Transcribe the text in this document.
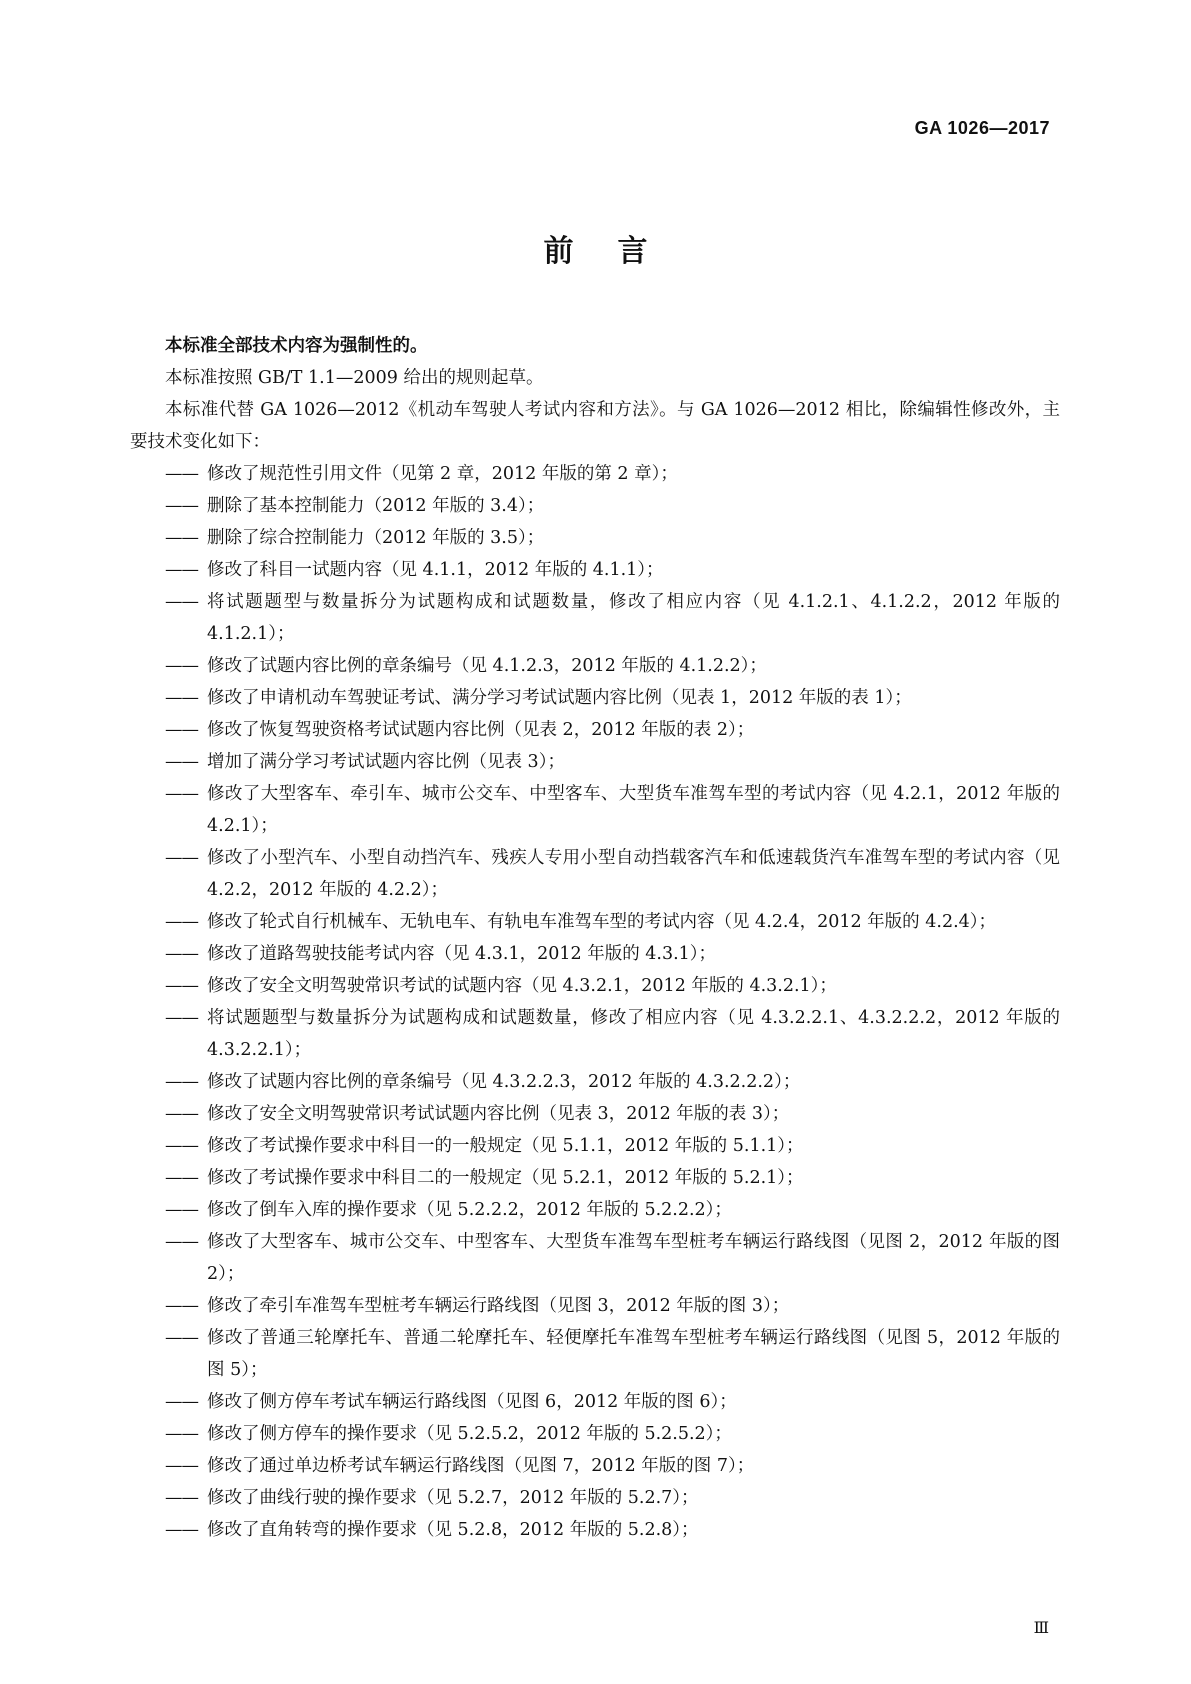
GA 1026—2017
前言

本标准全部技术内容为强制性的。

本标准按照 GB/T 1.1—2009 给出的规则起草。

本标准代替 GA 1026—2012《机动车驾驶人考试内容和方法》。与 GA 1026—2012 相比，除编辑性修改外，主要技术变化如下：

—— 修改了规范性引用文件（见第 2 章，2012 年版的第 2 章）；
—— 删除了基本控制能力（2012 年版的 3.4）；
—— 删除了综合控制能力（2012 年版的 3.5）；
—— 修改了科目一试题内容（见 4.1.1，2012 年版的 4.1.1）；
—— 将试题题型与数量拆分为试题构成和试题数量，修改了相应内容（见 4.1.2.1、4.1.2.2，2012 年版的 4.1.2.1）；
—— 修改了试题内容比例的章条编号（见 4.1.2.3，2012 年版的 4.1.2.2）；
—— 修改了申请机动车驾驶证考试、满分学习考试试题内容比例（见表 1，2012 年版的表 1）；
—— 修改了恢复驾驶资格考试试题内容比例（见表 2，2012 年版的表 2）；
—— 增加了满分学习考试试题内容比例（见表 3）；
—— 修改了大型客车、牵引车、城市公交车、中型客车、大型货车准驾车型的考试内容（见 4.2.1，2012 年版的 4.2.1）；
—— 修改了小型汽车、小型自动挡汽车、残疾人专用小型自动挡载客汽车和低速载货汽车准驾车型的考试内容（见 4.2.2，2012 年版的 4.2.2）；
—— 修改了轮式自行机械车、无轨电车、有轨电车准驾车型的考试内容（见 4.2.4，2012 年版的 4.2.4）；
—— 修改了道路驾驶技能考试内容（见 4.3.1，2012 年版的 4.3.1）；
—— 修改了安全文明驾驶常识考试的试题内容（见 4.3.2.1，2012 年版的 4.3.2.1）；
—— 将试题题型与数量拆分为试题构成和试题数量，修改了相应内容（见 4.3.2.2.1、4.3.2.2.2，2012 年版的 4.3.2.2.1）；
—— 修改了试题内容比例的章条编号（见 4.3.2.2.3，2012 年版的 4.3.2.2.2）；
—— 修改了安全文明驾驶常识考试试题内容比例（见表 3，2012 年版的表 3）；
—— 修改了考试操作要求中科目一的一般规定（见 5.1.1，2012 年版的 5.1.1）；
—— 修改了考试操作要求中科目二的一般规定（见 5.2.1，2012 年版的 5.2.1）；
—— 修改了倒车入库的操作要求（见 5.2.2.2，2012 年版的 5.2.2.2）；
—— 修改了大型客车、城市公交车、中型客车、大型货车准驾车型桩考车辆运行路线图（见图 2，2012 年版的图 2）；
—— 修改了牵引车准驾车型桩考车辆运行路线图（见图 3，2012 年版的图 3）；
—— 修改了普通三轮摩托车、普通二轮摩托车、轻便摩托车准驾车型桩考车辆运行路线图（见图 5，2012 年版的图 5）；
—— 修改了侧方停车考试车辆运行路线图（见图 6，2012 年版的图 6）；
—— 修改了侧方停车的操作要求（见 5.2.5.2，2012 年版的 5.2.5.2）；
—— 修改了通过单边桥考试车辆运行路线图（见图 7，2012 年版的图 7）；
—— 修改了曲线行驶的操作要求（见 5.2.7，2012 年版的 5.2.7）；
—— 修改了直角转弯的操作要求（见 5.2.8，2012 年版的 5.2.8）；
Ⅲ
